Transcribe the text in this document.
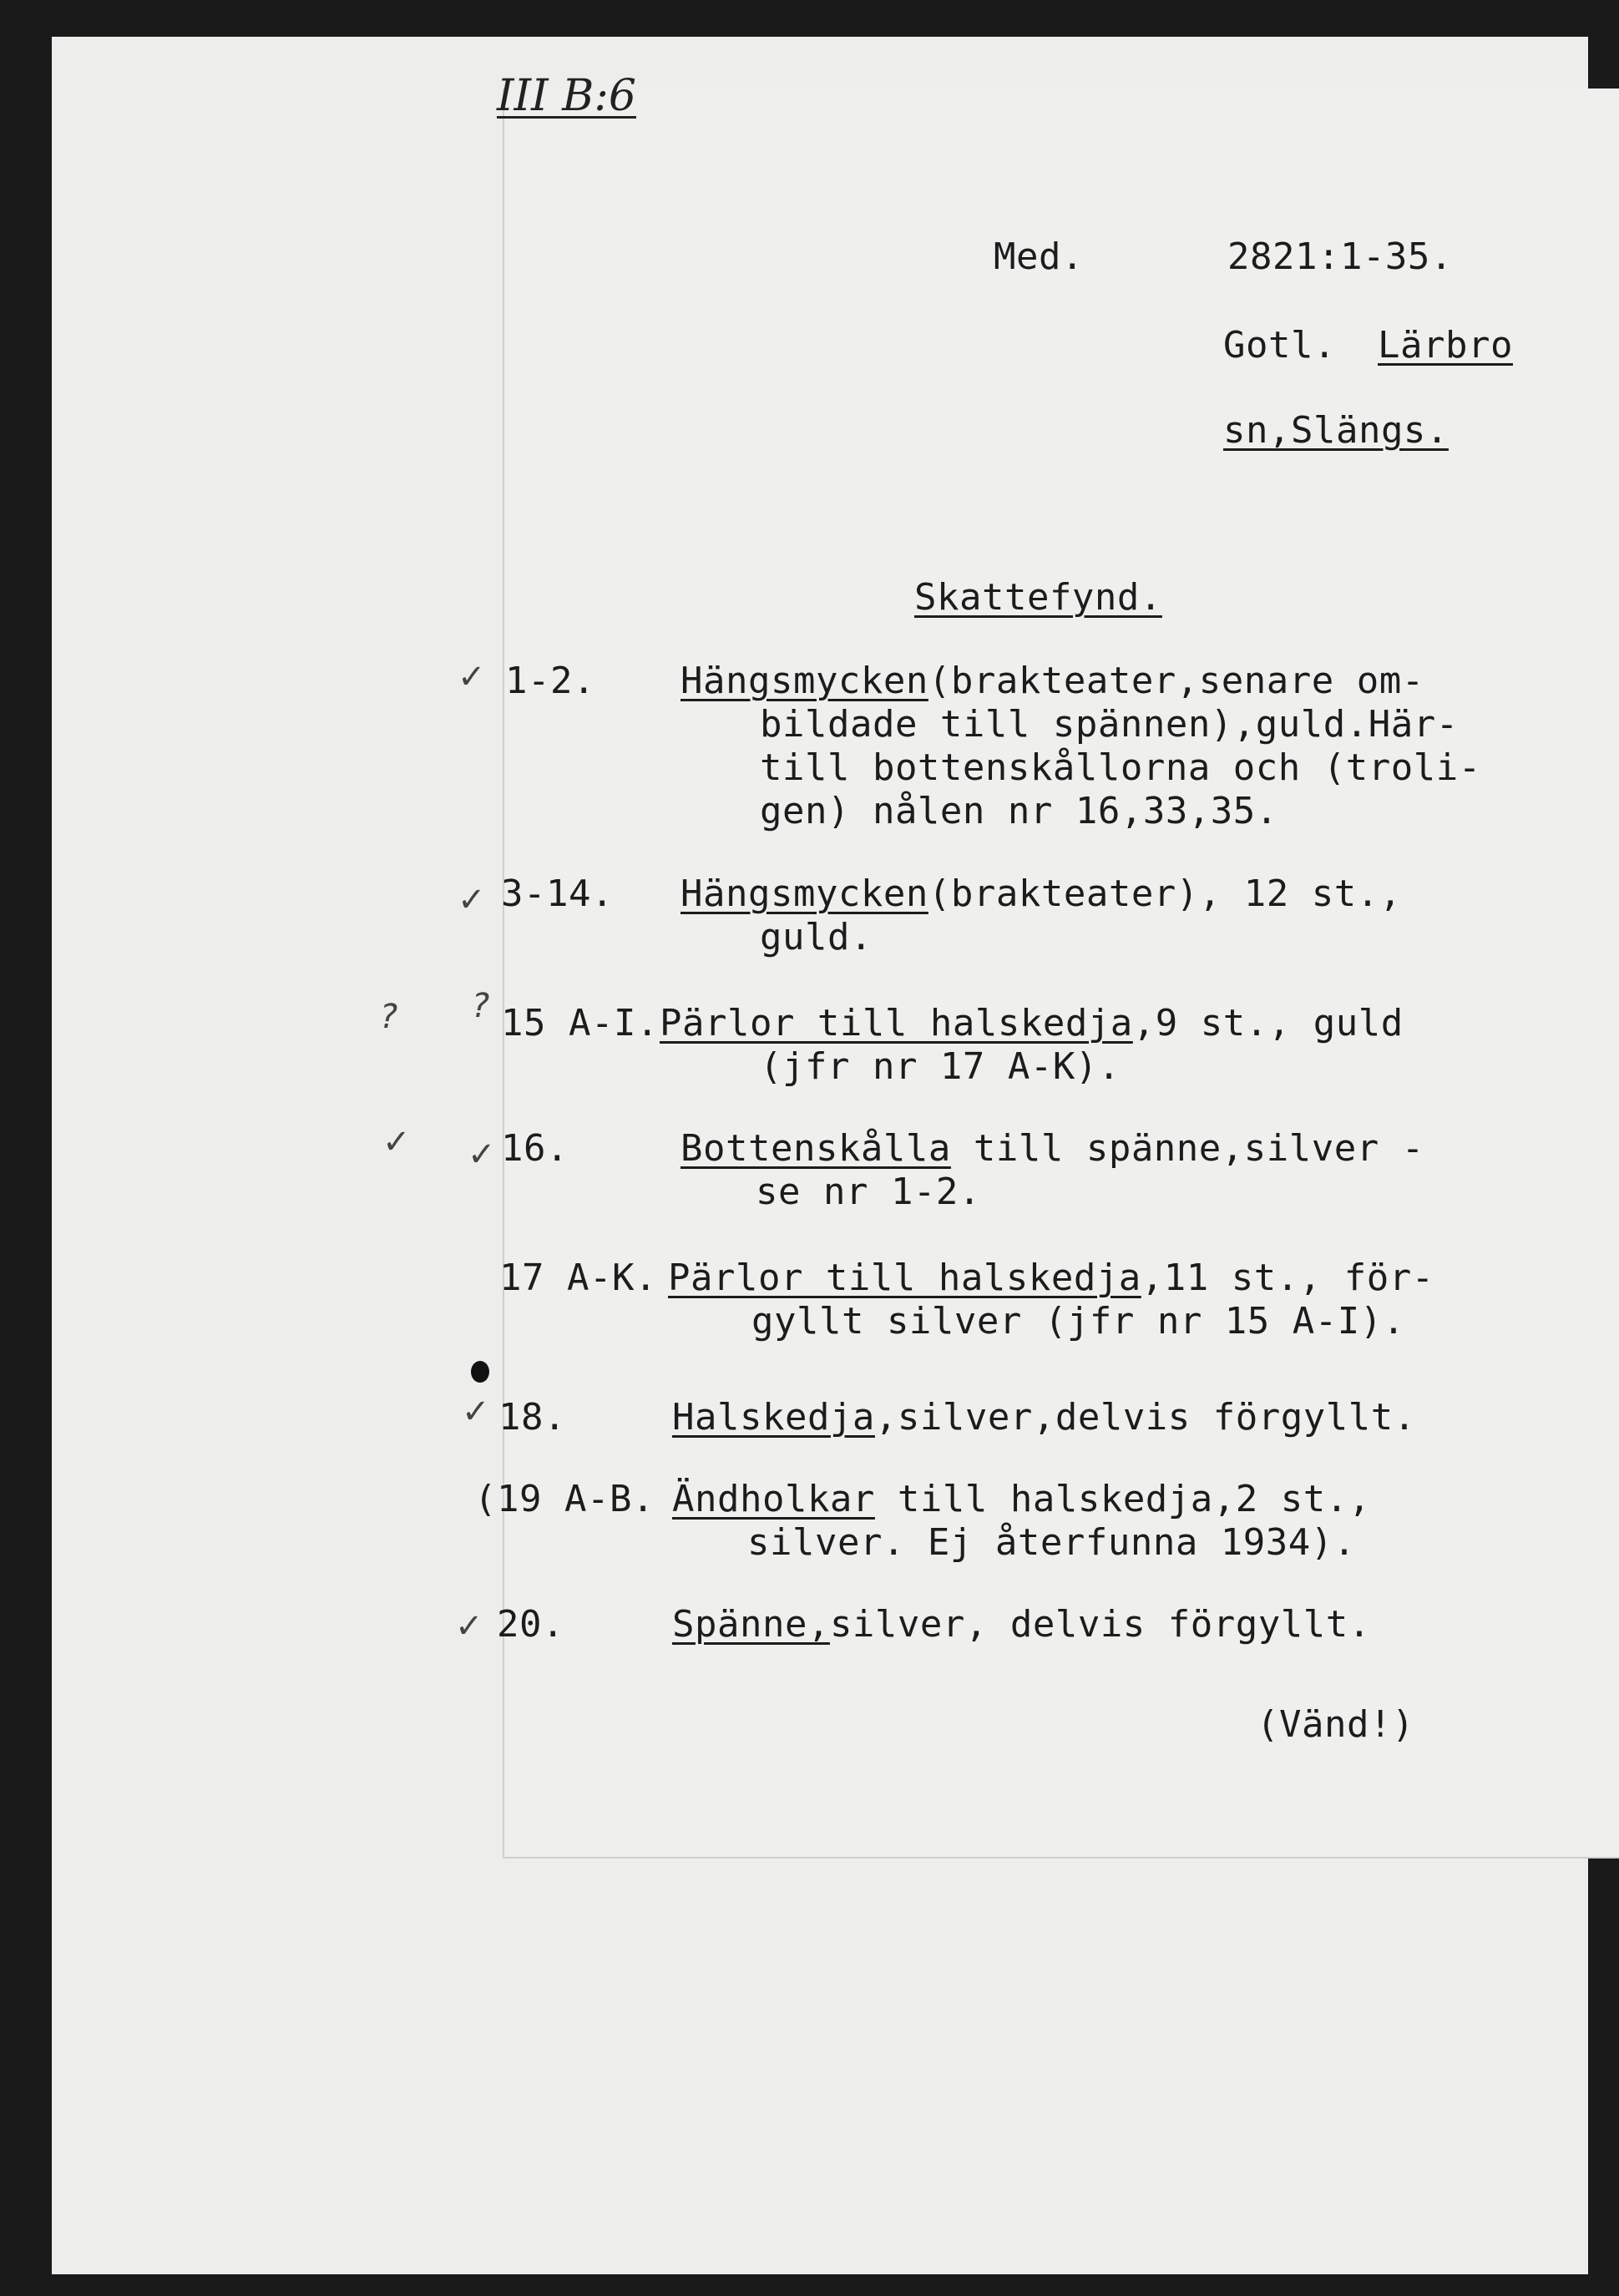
III B:6
Med.	2821:1-35.
Gotl. Lärbro
sn,Slängs.
Skattefynd.
1-2. Hängsmycken(brakteater,senare om-
bildade till spännen),guld.Här-
till bottenskållorna och (troli-
gen) nålen nr 16,33,35.
3-14. Hängsmycken(brakteater), 12 st.,
guld.
15 A-I. Pärlor till halskedja,9 st., guld
(jfr nr 17 A-K).
16.	Bottenskålla till spänne,silver -
se nr 1-2.
17 A-K. Pärlor till halskedja,11 st., för-
gyllt silver (jfr nr 15 A-I).
18.	Halskedja,silver,delvis förgyllt.
(19 A-B. Ändholkar till halskedja,2 st.,
silver. Ej återfunna 1934).
20.	Spänne,silver, delvis förgyllt.
(Vänd!)
✓
✓
? ?
✓ ✓
✓
✓
